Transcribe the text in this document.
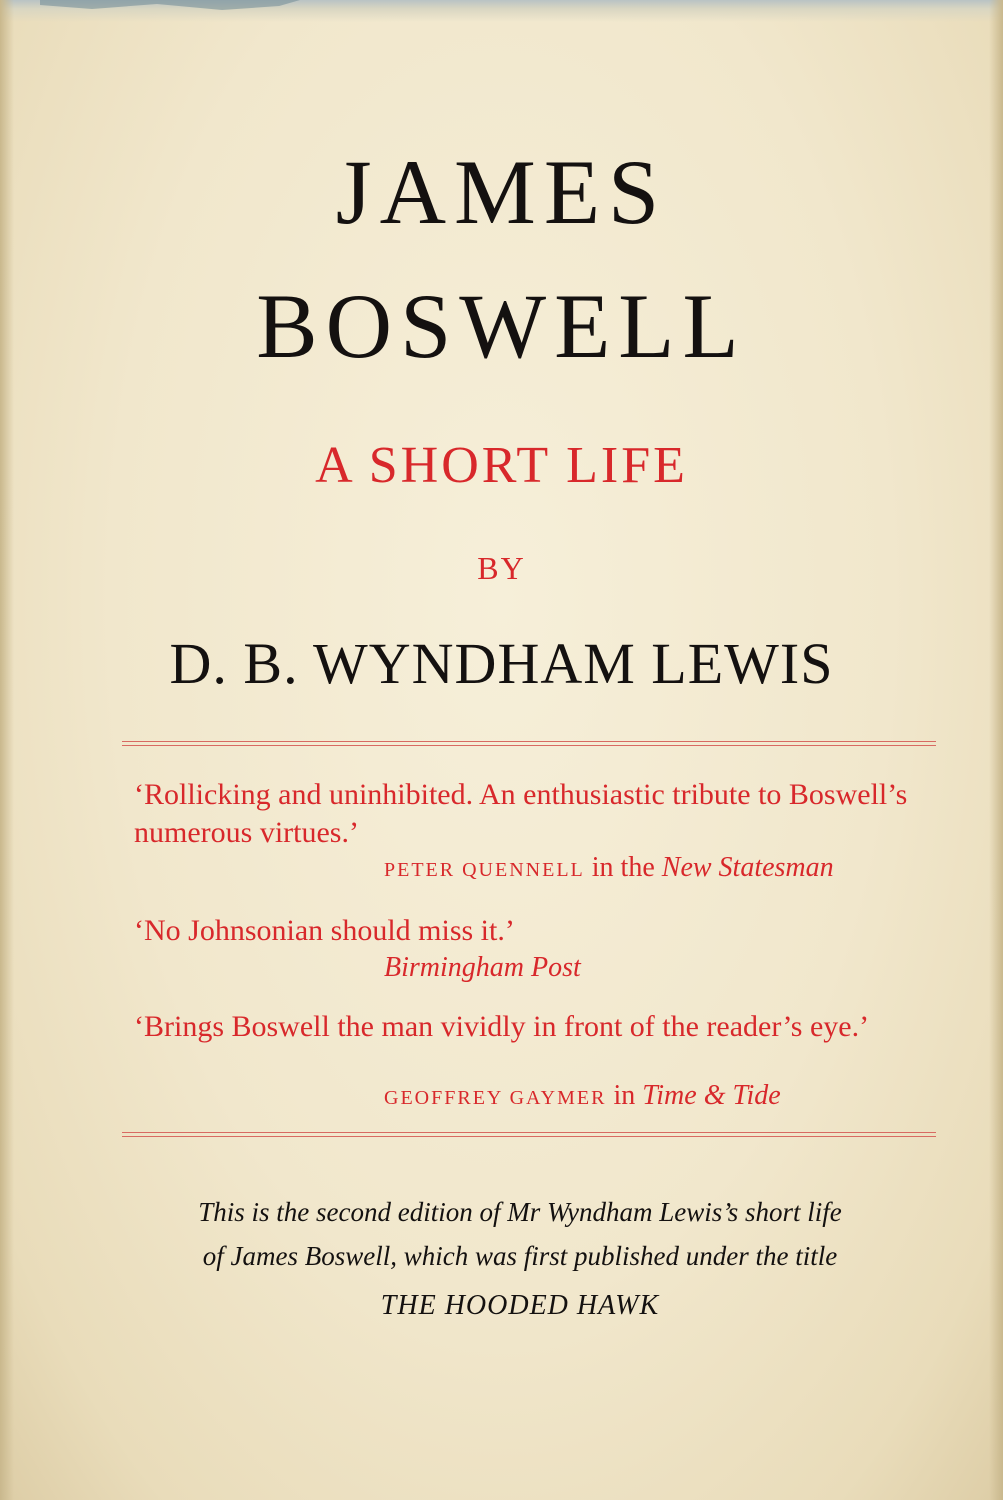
JAMES
BOSWELL
A SHORT LIFE
BY
D. B. WYNDHAM LEWIS
‘Rollicking and uninhibited. An enthusiastic tribute to Boswell’s numerous virtues.’
PETER QUENNELL in the New Statesman
‘No Johnsonian should miss it.’
Birmingham Post
‘Brings Boswell the man vividly in front of the reader’s eye.’
GEOFFREY GAYMER in Time & Tide
This is the second edition of Mr Wyndham Lewis’s short life
of James Boswell, which was first published under the title
THE HOODED HAWK
